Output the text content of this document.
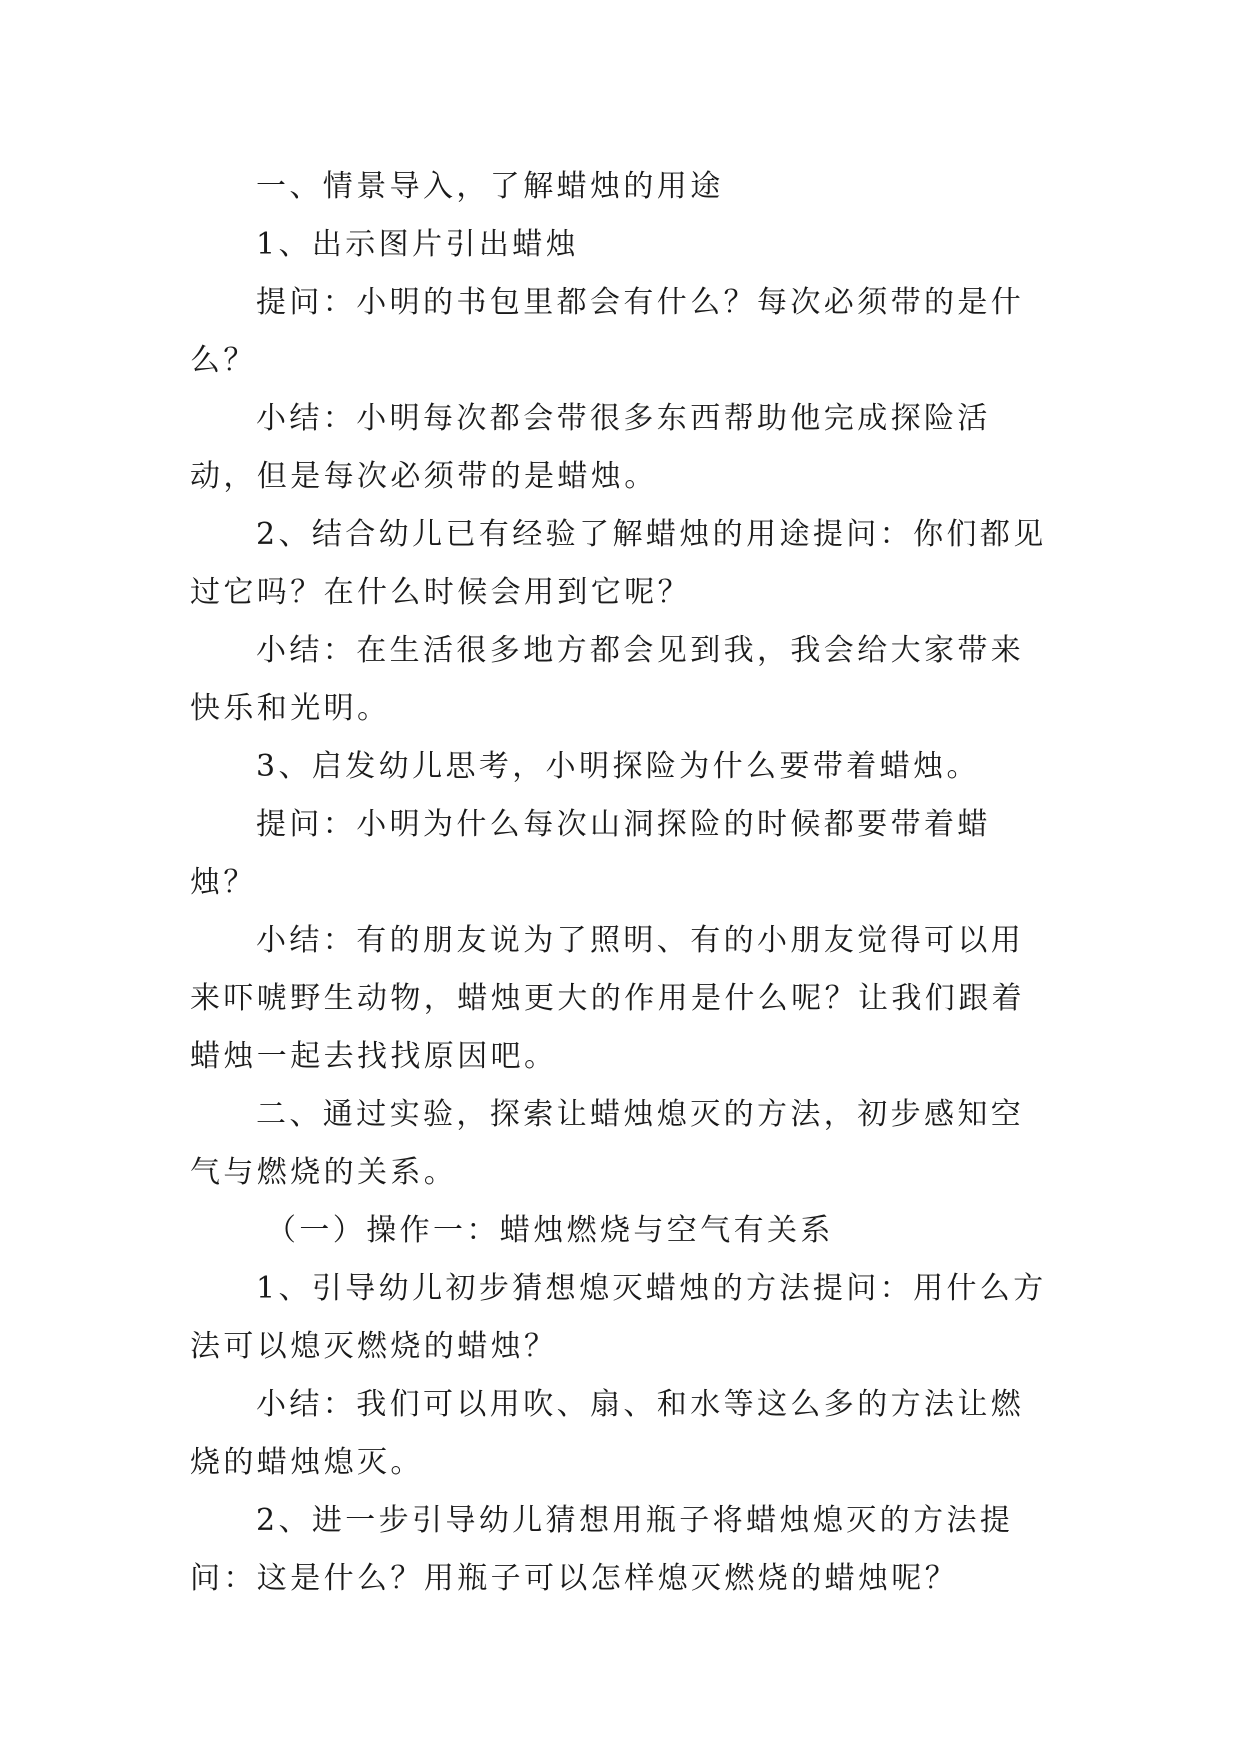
一、情景导入，了解蜡烛的用途

1、出示图片引出蜡烛

提问：小明的书包里都会有什么？每次必须带的是什么？

小结：小明每次都会带很多东西帮助他完成探险活动，但是每次必须带的是蜡烛。

2、结合幼儿已有经验了解蜡烛的用途提问：你们都见过它吗？在什么时候会用到它呢？

小结：在生活很多地方都会见到我，我会给大家带来快乐和光明。

3、启发幼儿思考，小明探险为什么要带着蜡烛。

提问：小明为什么每次山洞探险的时候都要带着蜡烛？

小结：有的朋友说为了照明、有的小朋友觉得可以用来吓唬野生动物，蜡烛更大的作用是什么呢？让我们跟着蜡烛一起去找找原因吧。

二、通过实验，探索让蜡烛熄灭的方法，初步感知空气与燃烧的关系。

（一）操作一：蜡烛燃烧与空气有关系

1、引导幼儿初步猜想熄灭蜡烛的方法提问：用什么方法可以熄灭燃烧的蜡烛？

小结：我们可以用吹、扇、和水等这么多的方法让燃烧的蜡烛熄灭。

2、进一步引导幼儿猜想用瓶子将蜡烛熄灭的方法提问：这是什么？用瓶子可以怎样熄灭燃烧的蜡烛呢？
